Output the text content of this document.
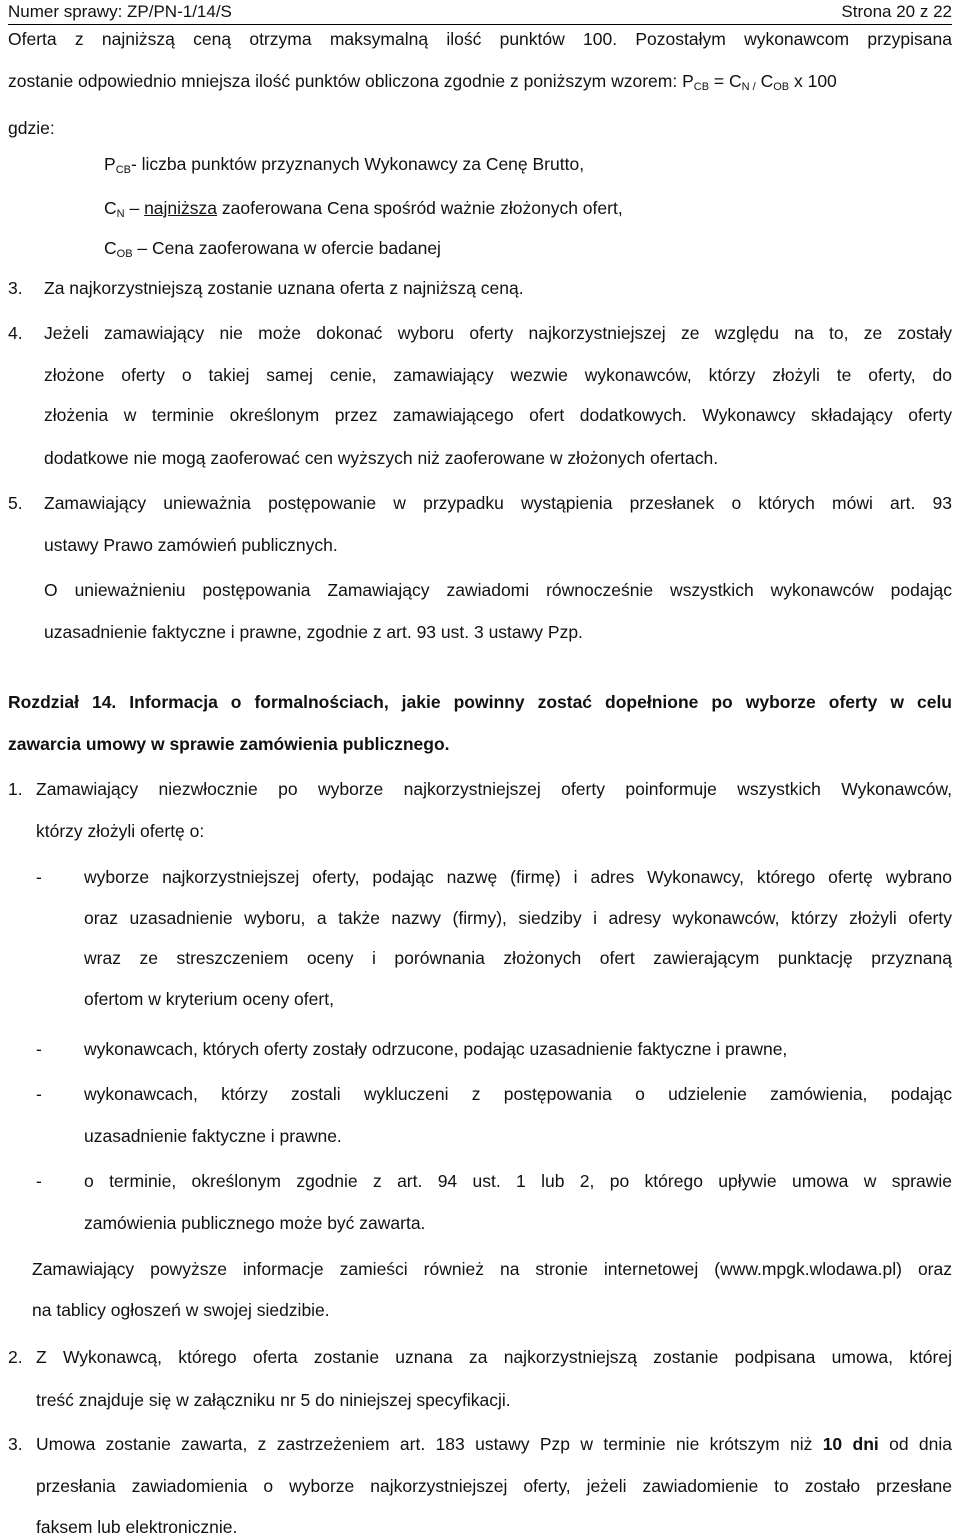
Numer sprawy: ZP/PN-1/14/S	Strona 20 z 22
Oferta z najniższą ceną otrzyma maksymalną ilość punktów 100. Pozostałym wykonawcom przypisana
zostanie odpowiednio mniejsza ilość punktów obliczona zgodnie z poniższym wzorem: $P_{CB} = C_{N /}$ $C_{OB}$ x 100
gdzie:
$P_{CB}-$ liczba punktów przyznanych Wykonawcy za Cenę Brutto,
$C_N$ – najniższa zaoferowana Cena spośród ważnie złożonych ofert,
$C_{OB}$ – Cena zaoferowana w ofercie badanej
3. Za najkorzystniejszą zostanie uznana oferta z najniższą ceną.
4. Jeżeli zamawiający nie może dokonać wyboru oferty najkorzystniejszej ze względu na to, ze zostały
złożone oferty o takiej samej cenie, zamawiający wezwie wykonawców, którzy złożyli te oferty, do
złożenia w terminie określonym przez zamawiającego ofert dodatkowych. Wykonawcy składający oferty
dodatkowe nie mogą zaoferować cen wyższych niż zaoferowane w złożonych ofertach.
5. Zamawiający unieważnia postępowanie w przypadku wystąpienia przesłanek o których mówi art. 93
ustawy Prawo zamówień publicznych.
O unieważnieniu postępowania Zamawiający zawiadomi równocześnie wszystkich wykonawców podając
uzasadnienie faktyczne i prawne, zgodnie z art. 93 ust. 3 ustawy Pzp.
Rozdział 14. Informacja o formalnościach, jakie powinny zostać dopełnione po wyborze oferty w celu
zawarcia umowy w sprawie zamówienia publicznego.
1. Zamawiający niezwłocznie po wyborze najkorzystniejszej oferty poinformuje wszystkich Wykonawców,
którzy złożyli ofertę o:
- wyborze najkorzystniejszej oferty, podając nazwę (firmę) i adres Wykonawcy, którego ofertę wybrano
oraz uzasadnienie wyboru, a także nazwy (firmy), siedziby i adresy wykonawców, którzy złożyli oferty
wraz ze streszczeniem oceny i porównania złożonych ofert zawierającym punktację przyznaną
ofertom w kryterium oceny ofert,
- wykonawcach, których oferty zostały odrzucone, podając uzasadnienie faktyczne i prawne,
- wykonawcach, którzy zostali wykluczeni z postępowania o udzielenie zamówienia, podając
uzasadnienie faktyczne i prawne.
- o terminie, określonym zgodnie z art. 94 ust. 1 lub 2, po którego upływie umowa w sprawie
zamówienia publicznego może być zawarta.
Zamawiający powyższe informacje zamieści również na stronie internetowej (www.mpgk.wlodawa.pl) oraz
na tablicy ogłoszeń w swojej siedzibie.
2. Z Wykonawcą, którego oferta zostanie uznana za najkorzystniejszą zostanie podpisana umowa, której
treść znajduje się w załączniku nr 5 do niniejszej specyfikacji.
3. Umowa zostanie zawarta, z zastrzeżeniem art. 183 ustawy Pzp w terminie nie krótszym niż 10 dni od dnia
przesłania zawiadomienia o wyborze najkorzystniejszej oferty, jeżeli zawiadomienie to zostało przesłane
faksem lub elektronicznie.
